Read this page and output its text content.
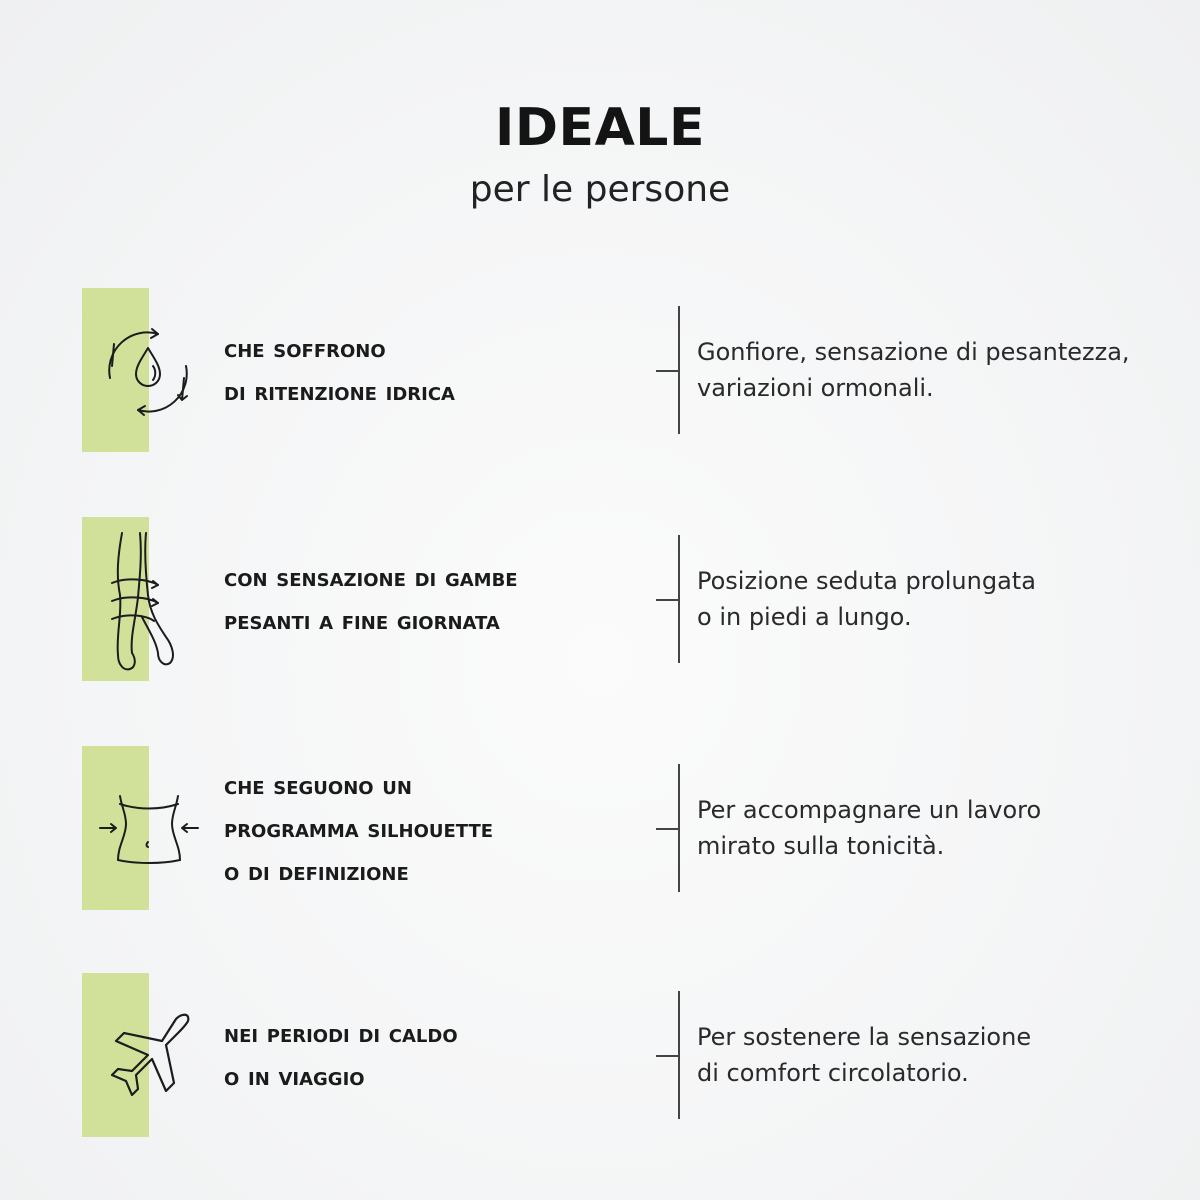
IDEALE
per le persone
che soffrono
di ritenzione idrica
Gonfiore, sensazione di pesantezza,
variazioni ormonali.
con sensazione di gambe
pesanti a fine giornata
Posizione seduta prolungata
o in piedi a lungo.
che seguono un
programma silhouette
o di definizione
Per accompagnare un lavoro
mirato sulla tonicità.
nei periodi di caldo
o in viaggio
Per sostenere la sensazione
di comfort circolatorio.
